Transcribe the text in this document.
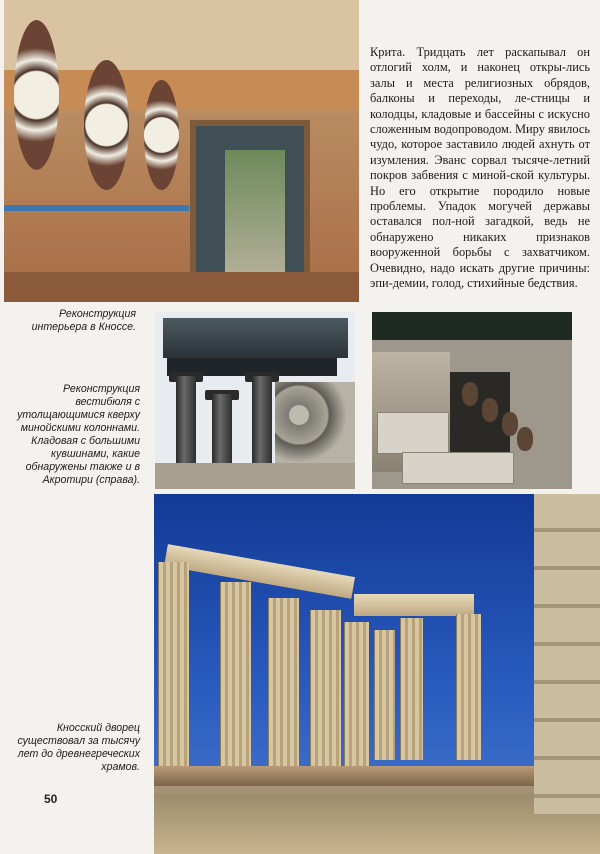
Крита. Тридцать лет раскапывал он отлогий холм, и наконец откры-лись залы и места религиозных обрядов, балконы и переходы, ле-стницы и колодцы, кладовые и бассейны с искусно сложенным водопроводом. Миру явилось чудо, которое заставило людей ахнуть от изумления. Эванс сорвал тысяче-летний покров забвения с миной-ской культуры. Но его открытие породило новые проблемы. Упадок могучей державы оставался пол-ной загадкой, ведь не обнаружено никаких признаков вооруженной борьбы с захватчиком. Очевидно, надо искать другие причины: эпи-демии, голод, стихийные бедствия.
Реконструкция интерьера в Кноссе.
Реконструкция вестибюля с утолщающимися кверху минойскими колоннами. Кладовая с большими кувшинами, какие обнаружены также и в Акротири (справа).
Кносский дворец существовал за тысячу лет до древнегреческих храмов.
50
